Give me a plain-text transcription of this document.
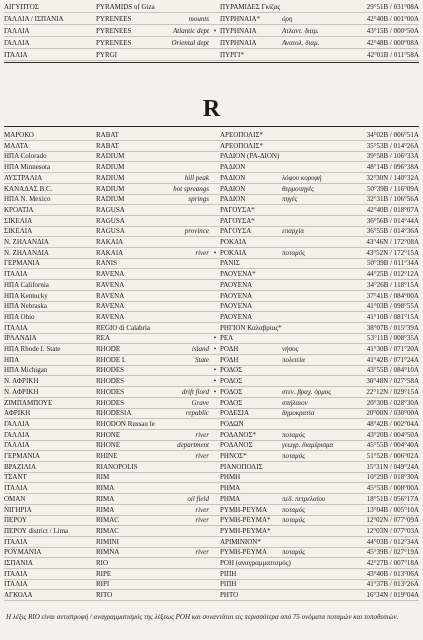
ΑΙΓΥΠΤΟΣ	PYRAMIDS of Giza	ΠΥΡΑΜΙΔΕΣ Γκίζας	29°51B / 031°08A
ΓΑΛΛΙΑ / ΙΣΠΑΝΙΑ	PYRENEES	mounts ΠΥΡΗΝΑΙΑ*	όρη	42°40B / 001°00A
ΓΑΛΛΙΑ	PYRENEES	Atlantic dept • ΠΥΡΗΝΑΙΑ	Ατλαντ. διαμ.	43°15B / 000°50A
ΓΑΛΛΙΑ	PYRENEES	Oriental dept ΠΥΡΗΝΑΙΑ	Ανατολ. διαμ.	42°48B / 000°08A
ΙΤΑΛΙΑ	PYRGI	ΠΥΡΓΙ*	42°01B / 011°58A
R
ΜΑΡΟΚΟ	RABAT	ΑΡΕΟΠΟΛΙΣ*	34°02B / 006°51A
ΜΑΛΤΑ	RABAT	ΑΡΕΟΠΟΛΙΣ*	35°53B / 014°26A
ΗΠΑ Colorado	RADIUM	ΡΑΔΙΟΝ (ΡΑ-ΔΙΟΝ)	39°58B / 106°33A
ΗΠΑ Minnesota	RADIUM	ΡΑΔΙΟΝ	48°14B / 096°38A
ΑΥΣΤΡΑΛΙΑ	RADIUM	hill peak ΡΑΔΙΟΝ	λόφου κορυφή	32°30N / 140°32A
ΚΑΝΑΔΑΣ B.C.	RADIUM	hot spreangs ΡΑΔΙΟΝ	θερμοπηγές	50°39B / 116°09A
ΗΠΑ N. Mexico	RADIUM	springs ΡΑΔΙΟΝ	πηγές	32°31B / 106°56A
ΚΡΟΑΤΙΑ	RAGUSA	ΡΑΓΟΥΣΑ*	42°40B / 018°07A
ΣΙΚΕΛΙΑ	RAGUSA	ΡΑΓΟΥΣΑ*	36°56B / 014°44A
ΣΙΚΕΛΙΑ	RAGUSA	province ΡΑΓΟΥΣΑ	επαρχία	36°55B / 014°36A
Ν. ΖΗΛΑΝΔΙΑ	RAKAIA	ΡΟΚΑΙΑ	43°46N / 172°08A
Ν. ΖΗΛΑΝΔΙΑ	RAKAIA	river • ΡΟΚΑΙΑ	ποταμός	43°52N / 172°15A
ΓΕΡΜΑΝΙΑ	RANIS	ΡΑΝΙΣ	50°39B / 011°34A
ΙΤΑΛΙΑ	RAVENA	ΡΑΟΥΕΝΑ*	44°25B / 012°12A
ΗΠΑ California	RAVENA	ΡΑΟΥΕΝΑ	34°26B / 118°15A
ΗΠΑ Kentucky	RAVENA	ΡΑΟΥΕΝΑ	37°41B / 084°00A
ΗΠΑ Nebraska	RAVENA	ΡΑΟΥΕΝΑ	41°03B / 098°55A
ΗΠΑ Ohio	RAVENA	ΡΑΟΥΕΝΑ	41°10B / 081°15A
ΙΤΑΛΙΑ	REGIO di Calabria	ΡΗΓΙΟΝ Καλαβρίας*	38°07B / 015°39A
ΙΡΛΑΝΔΙΑ	REA	• ΡΕΑ	53°11B / 008°35A
ΗΠΑ Rhode I. State	RHODE	island • ΡΟΔΗ	νήσος	41°30B / 071°20A
ΗΠΑ	RHODE I.	State ΡΟΔΗ	πολιτεία	41°42B / 071°24A
ΗΠΑ Michigan	RHODES	• ΡΟΔΟΣ	43°55B / 084°10A
Ν. ΑΦΡΙΚΗ	RHODES	• ΡΟΔΟΣ	30°48N / 027°58A
Ν. ΑΦΡΙΚΗ	RHODES	drift fiord • ΡΟΔΟΣ	στεν. βραχ. όρμος	22°12N / 029°15A
ΖΙΜΠΑΜΠΟΥΕ	RHODES	Grave ΡΟΔΟΣ	σπήλαιον	20°30B / 028°30A
ΑΦΡΙΚΗ	RHODESIA	republic ΡΟΔΕΣΙΑ	δημοκρατία	20°00N / 030°00A
ΓΑΛΛΙΑ	RHODON Russau le	ΡΟΔΩΝ	48°42B / 002°04A
ΓΑΛΛΙΑ	RHONE	river ΡΟΔΑΝΟΣ*	ποταμός	43°20B / 004°50A
ΓΑΛΛΙΑ	RHONE	department ΡΟΔΑΝΟΣ	γεωγρ. διαμέρισμα	45°55B / 004°40A
ΓΕΡΜΑΝΙΑ	RHINE	river ΡΗΝΟΣ*	ποταμός	51°52B / 006°02A
ΒΡΑΖΙΛΙΑ	RIANOPOLIS	ΡΙΑΝΟΠΟΛΙΣ	15°31N / 049°24A
ΤΣΑΝΤ	RIM	ΡΗΜΗ	10°29B / 018°30A
ΙΤΑΛΙΑ	RIMA	ΡΗΜΑ	45°53B / 008°00A
ΟΜΑΝ	RIMA	oil field ΡΗΜΑ	πεδ. πετρελαίου	18°51B / 056°17A
ΝΙΓΗΡΙΑ	RIMA	river ΡΥΜΗ-ΡΕΥΜΑ	ποταμός	13°04B / 005°10A
ΠΕΡΟΥ	RIMAC	river ΡΥΜΗ-ΡΕΥΜΑ*	ποταμός	12°02N / 077°09A
ΠΕΡΟΥ district / Lima	RIMAC	ΡΥΜΗ-ΡΕΥΜΑ*	12°03N / 077°03A
ΙΤΑΛΙΑ	RIMINI	ΑΡΙΜΙΝΙΟΝ*	44°03B / 012°34A
ΡΟΥΜΑΝΙΑ	RIMNA	river ΡΥΜΗ-ΡΕΥΜΑ	ποταμός	45°39B / 027°19A
ΙΣΠΑΝΙΑ	RIO	ΡΟΗ (αναγραμματισμός)	42°27B / 007°18A
ΙΤΑΛΙΑ	RIPE	ΡΙΠΗ	43°40B / 013°06A
ΙΤΑΛΙΑ	RIPI	ΡΙΠΗ	41°37B / 013°26A
ΑΓΚΟΛΑ	RITO	ΡΗΤΟ	16°34N / 019°04A
Η λέξις RIO είναι αντιστροφή / αναγραμματισμός της λέξεως ΡΟΗ και συναντάται εις περισσότερα από 75 ονόματα ποταμών και τοποθεσιών.
